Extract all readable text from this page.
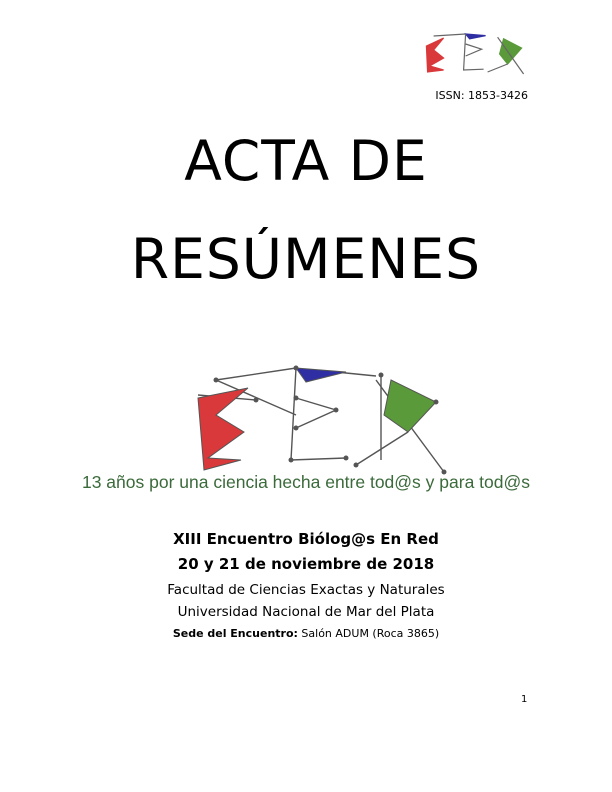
ISSN: 1853-3426
ACTA DE
RESÚMENES
13 años por una ciencia hecha entre tod@s y para tod@s
XIII Encuentro Biólog@s En Red
20 y 21 de noviembre de 2018
Facultad de Ciencias Exactas y Naturales
Universidad Nacional de Mar del Plata
Sede del Encuentro: Salón ADUM (Roca 3865)
1
